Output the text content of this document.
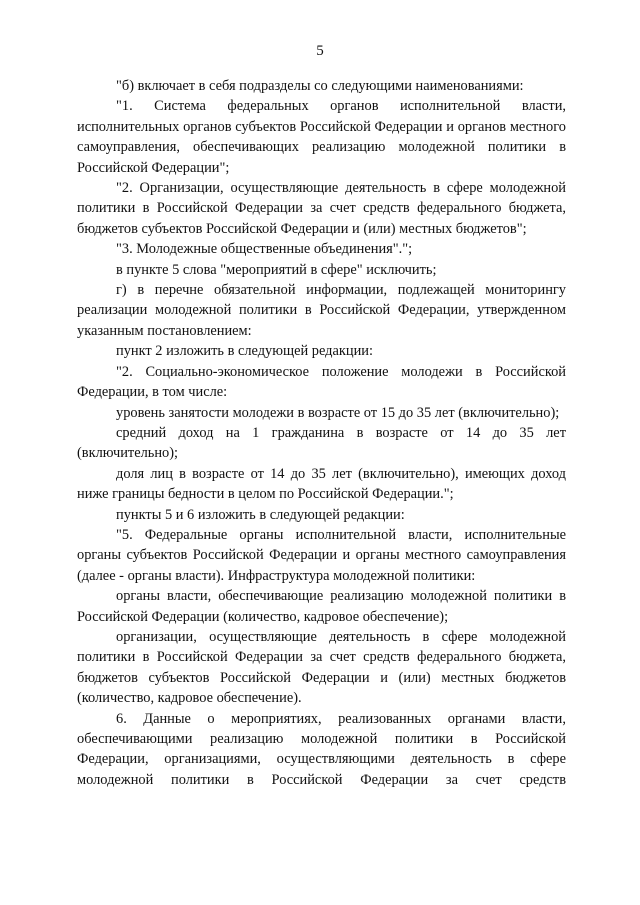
5

"б) включает в себя подразделы со следующими наименованиями:

"1. Система федеральных органов исполнительной власти, исполнительных органов субъектов Российской Федерации и органов местного самоуправления, обеспечивающих реализацию молодежной политики в Российской Федерации";

"2. Организации, осуществляющие деятельность в сфере молодежной политики в Российской Федерации за счет средств федерального бюджета, бюджетов субъектов Российской Федерации и (или) местных бюджетов";

"3. Молодежные общественные объединения".";

в пункте 5 слова "мероприятий в сфере" исключить;

г) в перечне обязательной информации, подлежащей мониторингу реализации молодежной политики в Российской Федерации, утвержденном указанным постановлением:

пункт 2 изложить в следующей редакции:

"2. Социально-экономическое положение молодежи в Российской Федерации, в том числе:

уровень занятости молодежи в возрасте от 15 до 35 лет (включительно);

средний доход на 1 гражданина в возрасте от 14 до 35 лет (включительно);

доля лиц в возрасте от 14 до 35 лет (включительно), имеющих доход ниже границы бедности в целом по Российской Федерации.";

пункты 5 и 6 изложить в следующей редакции:

"5. Федеральные органы исполнительной власти, исполнительные органы субъектов Российской Федерации и органы местного самоуправления (далее - органы власти). Инфраструктура молодежной политики:

органы власти, обеспечивающие реализацию молодежной политики в Российской Федерации (количество, кадровое обеспечение);

организации, осуществляющие деятельность в сфере молодежной политики в Российской Федерации за счет средств федерального бюджета, бюджетов субъектов Российской Федерации и (или) местных бюджетов (количество, кадровое обеспечение).

6. Данные о мероприятиях, реализованных органами власти, обеспечивающими реализацию молодежной политики в Российской Федерации, организациями, осуществляющими деятельность в сфере молодежной политики в Российской Федерации за счет средств
